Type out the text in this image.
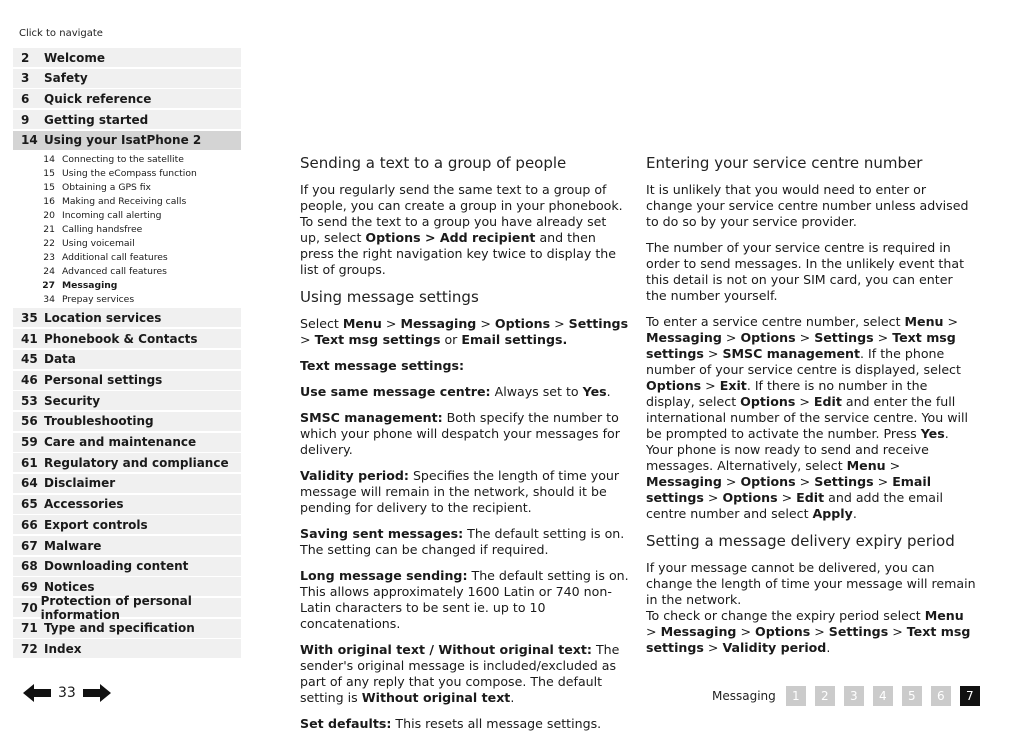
Click to navigate
2	Welcome
3	Safety
6	Quick reference
9	Getting started
14 Using your IsatPhone 2
14 Connecting to the satellite
15 Using the eCompass function
15 Obtaining a GPS fix
16 Making and Receiving calls
20 Incoming call alerting
21 Calling handsfree
22 Using voicemail
23 Additional call features
24 Advanced call features
27 Messaging
34 Prepay services
35 Location services
41 Phonebook & Contacts
45 Data
46 Personal settings
53 Security
56 Troubleshooting
59 Care and maintenance
61 Regulatory and compliance
64 Disclaimer
65 Accessories
66 Export controls
67 Malware
68 Downloading content
69 Notices
70 Protection of personal information
71 Type and specification
72 Index
Sending a text to a group of people

If you regularly send the same text to a group of people, you can create a group in your phonebook. To send the text to a group you have already set up, select Options > Add recipient and then press the right navigation key twice to display the list of groups.

Using message settings

Select Menu > Messaging > Options > Settings > Text msg settings or Email settings.

Text message settings:

Use same message centre: Always set to Yes.

SMSC management: Both specify the number to which your phone will despatch your messages for delivery.

Validity period: Specifies the length of time your message will remain in the network, should it be pending for delivery to the recipient.

Saving sent messages: The default setting is on.
The setting can be changed if required.

Long message sending: The default setting is on.
This allows approximately 1600 Latin or 740 non-Latin characters to be sent ie. up to 10 concatenations.

With original text / Without original text: The sender's original message is included/excluded as part of any reply that you compose. The default setting is Without original text.

Set defaults: This resets all message settings.

Entering your service centre number

It is unlikely that you would need to enter or change your service centre number unless advised to do so by your service provider.

The number of your service centre is required in order to send messages. In the unlikely event that this detail is not on your SIM card, you can enter the number yourself.

To enter a service centre number, select Menu > Messaging > Options > Settings > Text msg settings > SMSC management. If the phone number of your service centre is displayed, select Options > Exit. If there is no number in the display, select Options > Edit and enter the full international number of the service centre. You will be prompted to activate the number. Press Yes. Your phone is now ready to send and receive messages. Alternatively, select Menu > Messaging > Options > Settings > Email settings > Options > Edit and add the email centre number and select Apply.

Setting a message delivery expiry period

If your message cannot be delivered, you can change the length of time your message will remain in the network.
To check or change the expiry period select Menu > Messaging > Options > Settings > Text msg settings > Validity period.

33	Messaging	1	2	3	4	5	6	7
